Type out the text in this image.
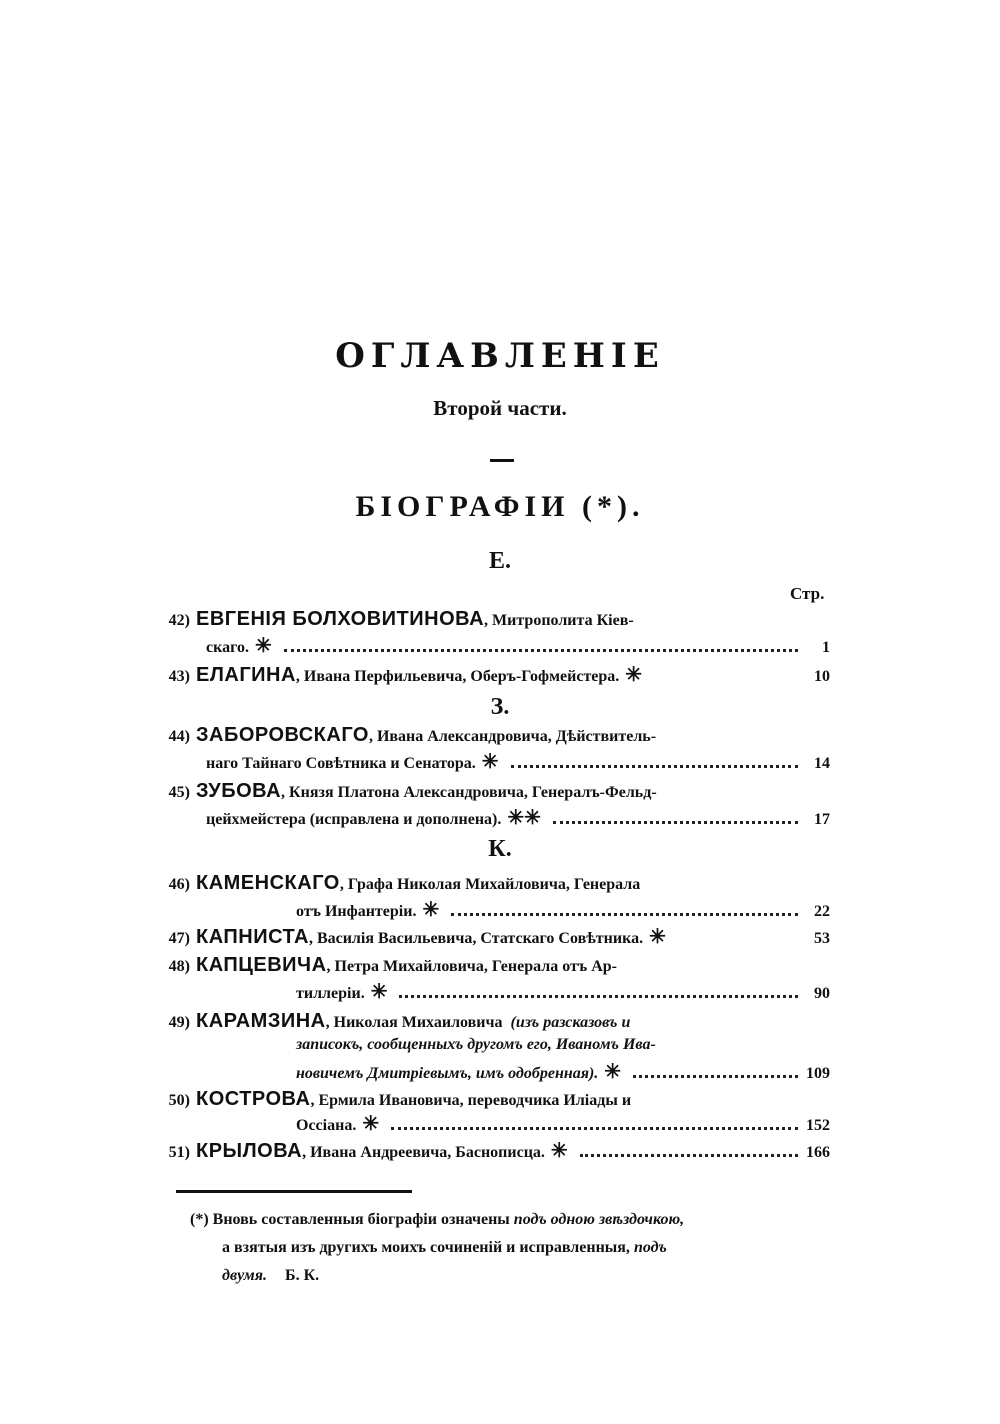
ОГЛАВЛЕНІЕ
Второй части.
БІОГРАФІИ (*).
Е.
Стр.
42) ЕВГЕНІЯ БОЛХОВИТИНОВА , Митрополита Кіев-
скаго. ✳	1
43) ЕЛАГИНА , Ивана Перфильевича, Оберъ-Гофмейстера. ✳	10
З.
44) ЗАБОРОВСКАГО , Ивана Александровича, Дѣйствитель-
наго Тайнаго Совѣтника и Сенатора. ✳	14
45) ЗУБОВА , Князя Платона Александровича, Генералъ-Фельд-
цейхмейстера (исправлена и дополнена). ✳ ✳	17
К.
46) КАМЕНСКАГО , Графа Николая Михайловича, Генерала
отъ Инфантеріи. ✳	22
47) КАПНИСТА , Василія Васильевича, Статскаго Совѣтника. ✳	53
48) КАПЦЕВИЧА , Петра Михайловича, Генерала отъ Ар-
тиллеріи. ✳	90
49) КАРАМЗИНА , Николая Михаиловича (изъ разсказовъ и
записокъ, сообщенныхъ другомъ его, Иваномъ Ива-
новичемъ Дмитріевымъ, имъ одобренная). ✳	109
50) КОСТРОВА , Ермила Ивановича, переводчика Иліады и
Оссіана. ✳	152
51) КРЫЛОВА , Ивана Андреевича, Баснописца. ✳	166
(*) Вновь составленныя біографіи означены подъ одною звѣздочкою,
а взятыя изъ другихъ моихъ сочиненій и исправленныя, подъ
двумя. Б. К.
